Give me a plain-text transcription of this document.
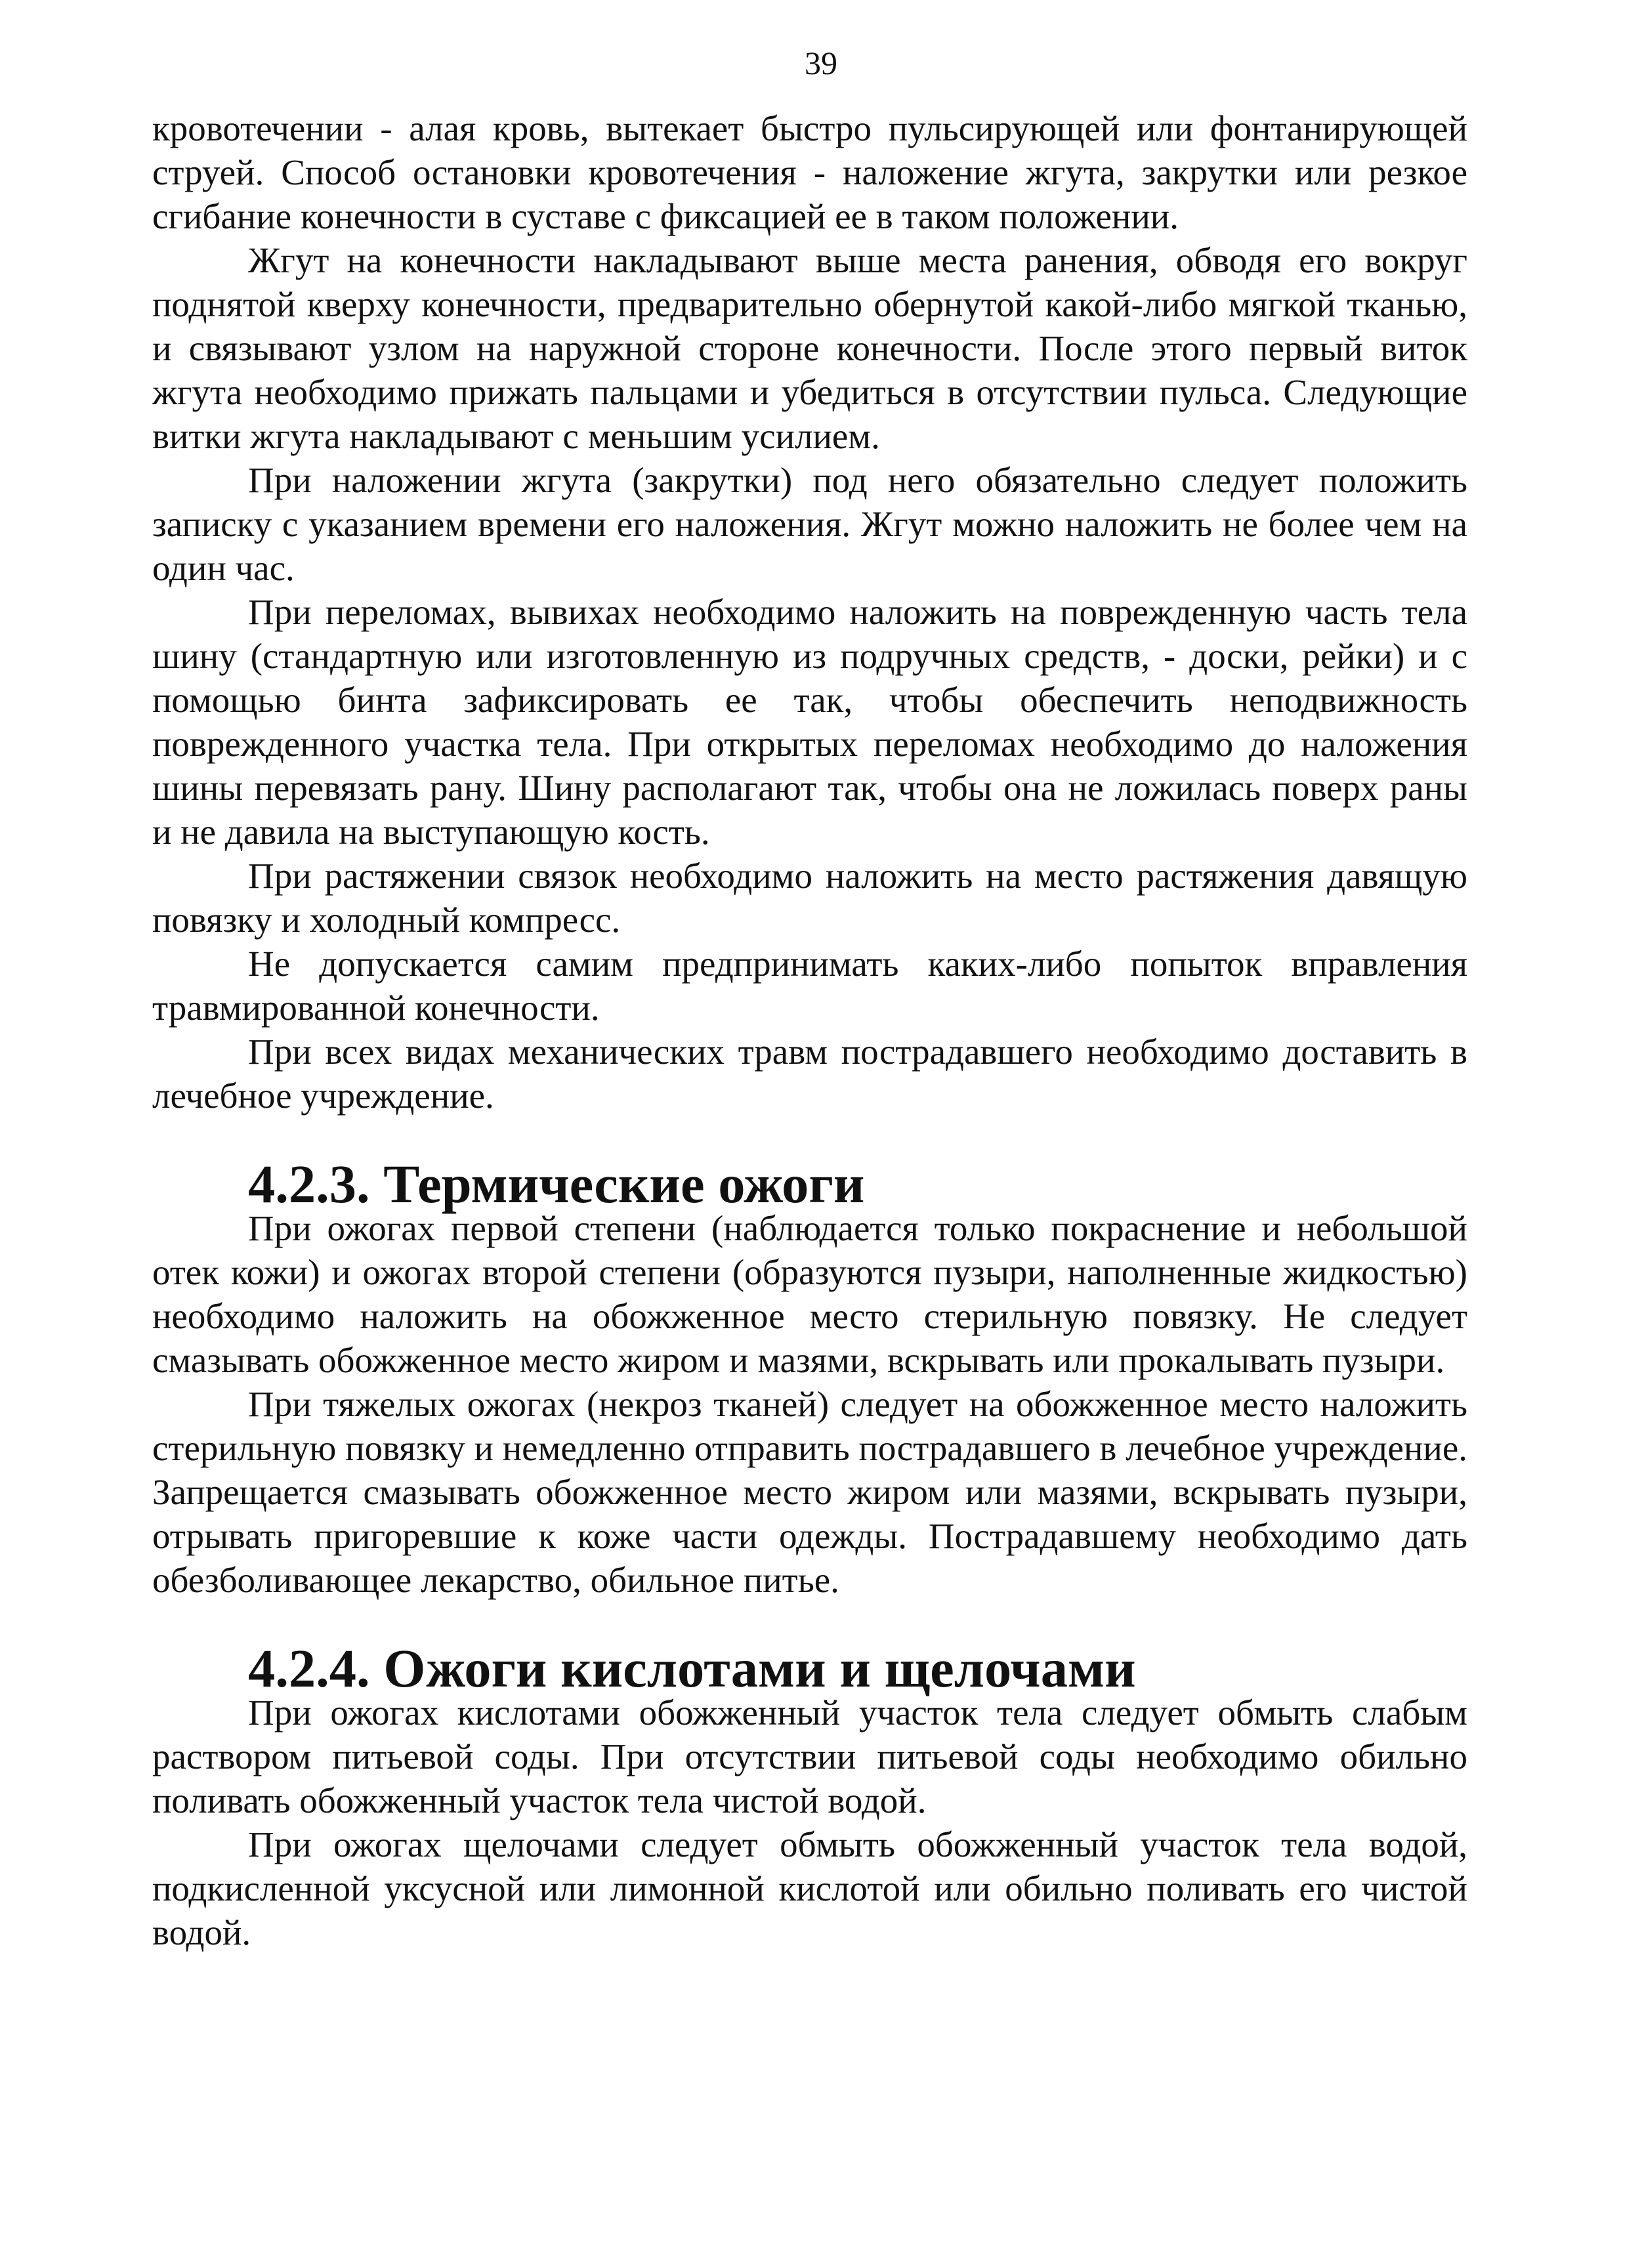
39

кровотечении - алая кровь, вытекает быстро пульсирующей или фонтанирующей струей. Способ остановки кровотечения - наложение жгута, закрутки или резкое сгибание конечности в суставе с фиксацией ее в таком положении.

Жгут на конечности накладывают выше места ранения, обводя его вокруг поднятой кверху конечности, предварительно обернутой какой-либо мягкой тканью, и связывают узлом на наружной стороне конечности. После этого первый виток жгута необходимо прижать пальцами и убедиться в отсутствии пульса. Следующие витки жгута накладывают с меньшим усилием.

При наложении жгута (закрутки) под него обязательно следует положить записку с указанием времени его наложения. Жгут можно наложить не более чем на один час.

При переломах, вывихах необходимо наложить на поврежденную часть тела шину (стандартную или изготовленную из подручных средств, - доски, рейки) и с помощью бинта зафиксировать ее так, чтобы обеспечить неподвижность поврежденного участка тела. При открытых переломах необходимо до наложения шины перевязать рану. Шину располагают так, чтобы она не ложилась поверх раны и не давила на выступающую кость.

При растяжении связок необходимо наложить на место растяжения давящую повязку и холодный компресс.

Не допускается самим предпринимать каких-либо попыток вправления травмированной конечности.

При всех видах механических травм пострадавшего необходимо доставить в лечебное учреждение.

4.2.3. Термические ожоги

При ожогах первой степени (наблюдается только покраснение и небольшой отек кожи) и ожогах второй степени (образуются пузыри, наполненные жидкостью) необходимо наложить на обожженное место стерильную повязку. Не следует смазывать обожженное место жиром и мазями, вскрывать или прокалывать пузыри.

При тяжелых ожогах (некроз тканей) следует на обожженное место наложить стерильную повязку и немедленно отправить пострадавшего в лечебное учреждение. Запрещается смазывать обожженное место жиром или мазями, вскрывать пузыри, отрывать пригоревшие к коже части одежды. Пострадавшему необходимо дать обезболивающее лекарство, обильное питье.

4.2.4. Ожоги кислотами и щелочами

При ожогах кислотами обожженный участок тела следует обмыть слабым раствором питьевой соды. При отсутствии питьевой соды необходимо обильно поливать обожженный участок тела чистой водой.

При ожогах щелочами следует обмыть обожженный участок тела водой, подкисленной уксусной или лимонной кислотой или обильно поливать его чистой водой.
